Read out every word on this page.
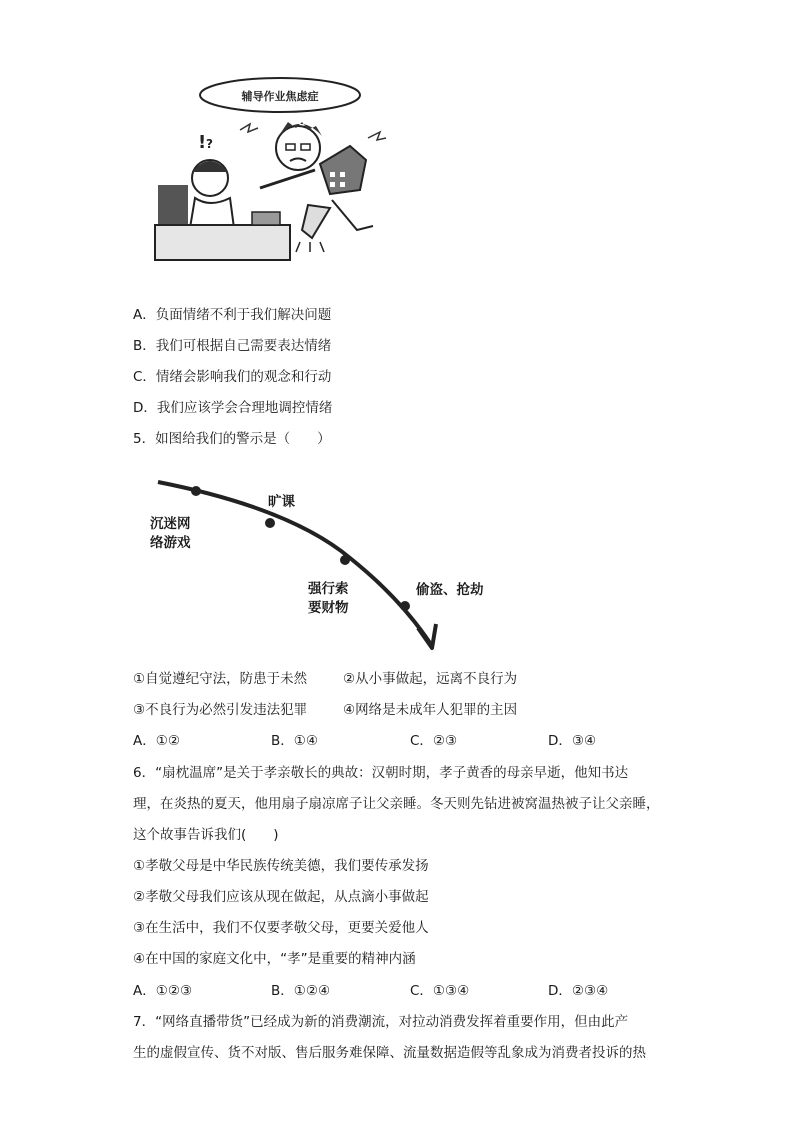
辅导作业焦虑症
! ?
A．负面情绪不利于我们解决问题
B．我们可根据自己需要表达情绪
C．情绪会影响我们的观念和行动
D．我们应该学会合理地调控情绪
5．如图给我们的警示是（　　）
沉迷网
络游戏
旷课
强行索
要财物
偷盗、抢劫
①自觉遵纪守法，防患于未然	②从小事做起，远离不良行为
③不良行为必然引发违法犯罪	④网络是未成年人犯罪的主因
A．①②	B．①④	C．②③	D．③④
6．“扇枕温席”是关于孝亲敬长的典故：汉朝时期，孝子黄香的母亲早逝，他知书达
理，在炎热的夏天，他用扇子扇凉席子让父亲睡。冬天则先钻进被窝温热被子让父亲睡，
这个故事告诉我们(　　)
①孝敬父母是中华民族传统美德，我们要传承发扬
②孝敬父母我们应该从现在做起，从点滴小事做起
③在生活中，我们不仅要孝敬父母，更要关爱他人
④在中国的家庭文化中，“孝”是重要的精神内涵
A．①②③	B．①②④	C．①③④	D．②③④
7．“网络直播带货”已经成为新的消费潮流，对拉动消费发挥着重要作用，但由此产
生的虚假宣传、货不对版、售后服务难保障、流量数据造假等乱象成为消费者投诉的热
